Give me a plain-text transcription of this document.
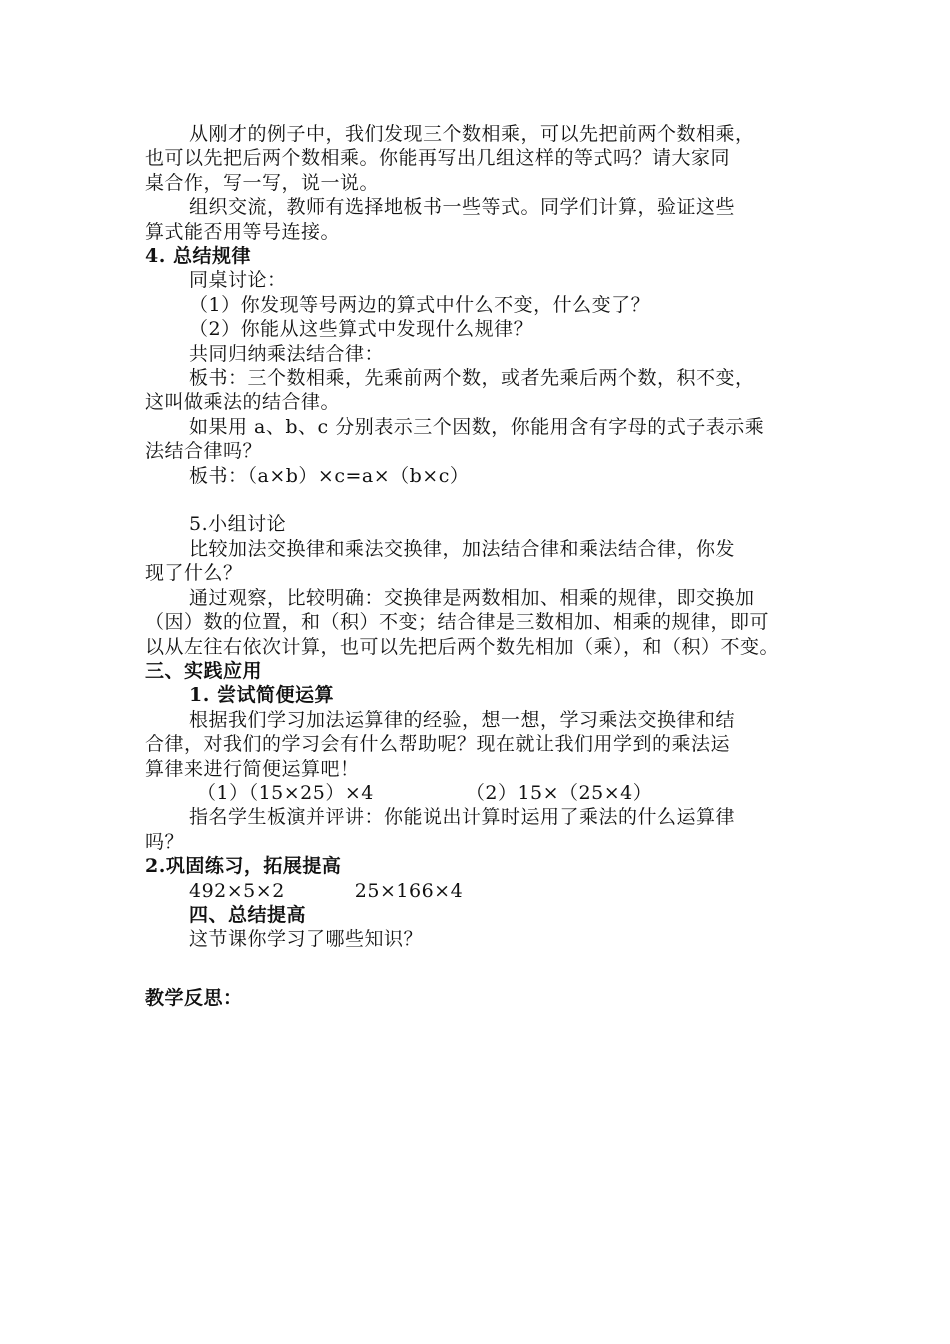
从刚才的例子中，我们发现三个数相乘，可以先把前两个数相乘，

也可以先把后两个数相乘。你能再写出几组这样的等式吗？请大家同

桌合作，写一写，说一说。

组织交流，教师有选择地板书一些等式。同学们计算，验证这些

算式能否用等号连接。

4. 总结规律

同桌讨论：

（1）你发现等号两边的算式中什么不变，什么变了？

（2）你能从这些算式中发现什么规律？

共同归纳乘法结合律：

板书：三个数相乘，先乘前两个数，或者先乘后两个数，积不变，

这叫做乘法的结合律。

如果用 a、b、c 分别表示三个因数，你能用含有字母的式子表示乘

法结合律吗？

板书：（a×b）×c=a×（b×c）

5.小组讨论

比较加法交换律和乘法交换律，加法结合律和乘法结合律，你发

现了什么？

通过观察，比较明确：交换律是两数相加、相乘的规律，即交换加

（因）数的位置，和（积）不变；结合律是三数相加、相乘的规律，即可

以从左往右依次计算，也可以先把后两个数先相加（乘），和（积）不变。

三、实践应用

1. 尝试简便运算

根据我们学习加法运算律的经验，想一想，学习乘法交换律和结

合律，对我们的学习会有什么帮助呢？现在就让我们用学到的乘法运

算律来进行简便运算吧！

（1）（15×25）×4	（2）15×（25×4）

指名学生板演并评讲：你能说出计算时运用了乘法的什么运算律

吗？

2.巩固练习，拓展提高

492×5×2	25×166×4

四、总结提高

这节课你学习了哪些知识？

教学反思：
